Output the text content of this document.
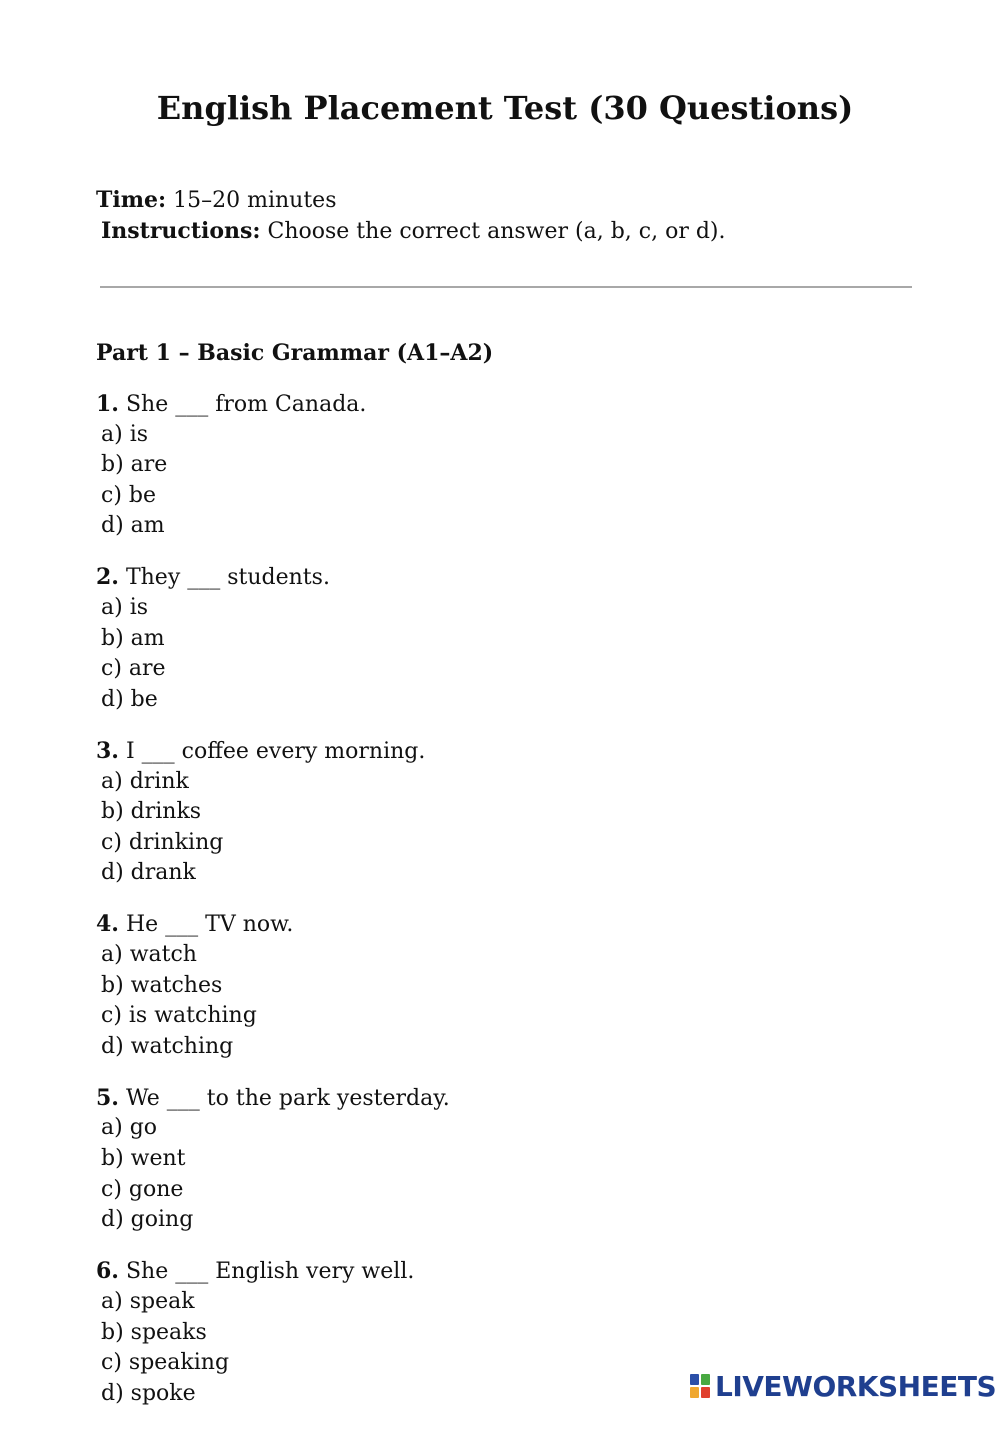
English Placement Test (30 Questions)
Time: 15–20 minutes
Instructions: Choose the correct answer (a, b, c, or d).
Part 1 – Basic Grammar (A1–A2)
1. She ___ from Canada.
a) is
b) are
c) be
d) am
2. They ___ students.
a) is
b) am
c) are
d) be
3. I ___ coffee every morning.
a) drink
b) drinks
c) drinking
d) drank
4. He ___ TV now.
a) watch
b) watches
c) is watching
d) watching
5. We ___ to the park yesterday.
a) go
b) went
c) gone
d) going
6. She ___ English very well.
a) speak
b) speaks
c) speaking
d) spoke	LIVEWORKSHEETS
